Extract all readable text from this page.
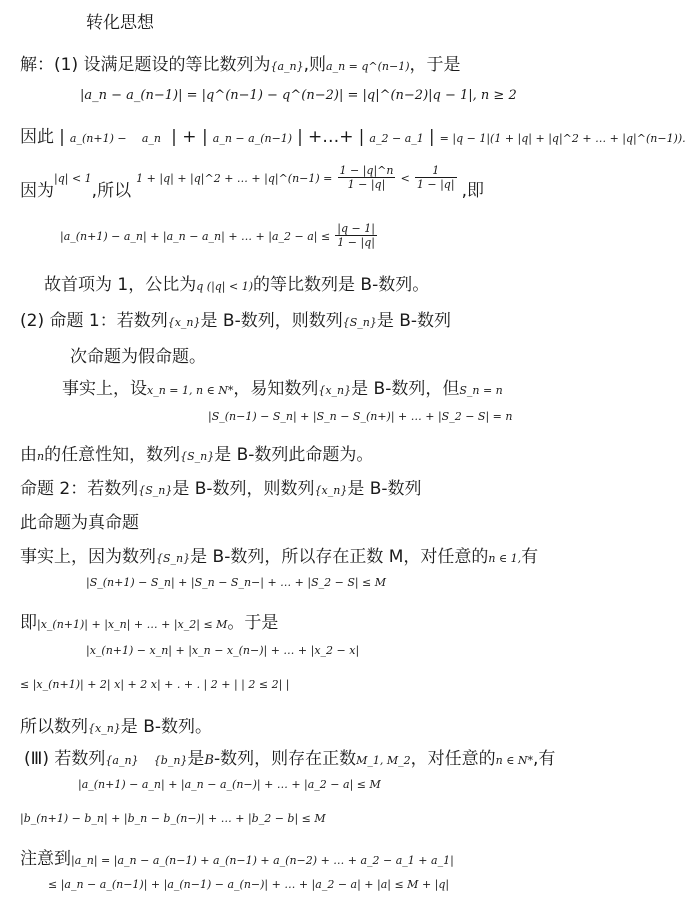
转化思想
解：(1) 设满足题设的等比数列为{a_n},则a_n = q^(n−1)，于是
|a_n − a_(n−1)| = |q^(n−1) − q^(n−2)| = |q|^(n−2)|q − 1|, n ≥ 2
因此 | a_(n+1) − a_n | + | a_n − a_(n−1) | +…+ | a_2 − a_1 | = |q − 1|(1 + |q| + |q|^2 + … + |q|^(n−1)).
因为|q| < 1,所以 1 + |q| + |q|^2 + … + |q|^(n−1) = $\frac{1 - |q|\^{}n}{1 - |q|} < \frac{1}{1 - |q|}$ ,即
|a_(n+1) − a_n| + |a_n − a_n| + … + |a_2 − $a| \le \frac{|q - 1|}{1 - |q|}$
故首项为 1，公比为q (|q| < 1)的等比数列是 B-数列。
(2) 命题 1：若数列{x_n}是 B-数列，则数列{S_n}是 B-数列
次命题为假命题。
事实上，设x_n = 1, n ∈ N*，易知数列{x_n}是 B-数列，但S_n = n
|S_(n−1) − S_n| + |S_n − S_(n+)| + … + |S_2 − S| = n
由n的任意性知，数列{S_n}是 B-数列此命题为。
命题 2：若数列{S_n}是 B-数列，则数列{x_n}是 B-数列
此命题为真命题
事实上，因为数列{S_n}是 B-数列，所以存在正数 M，对任意的n ∈ 1,有
|S_(n+1) − S_n| + |S_n − S_n−| + … + |S_2 − S| ≤ M
即|x_(n+1)| + |x_n| + … + |x_2| ≤ M。于是
|x_(n+1) − x_n| + |x_n − x_(n−)| + … + |x_2 − x|
≤ |x_(n+1)| + 2| x| + 2 x| + . + . | 2 + | | 2 ≤ 2| |
所以数列{x_n}是 B-数列。
(Ⅲ) 若数列{a_n} {b_n}是B-数列，则存在正数M_1, M_2，对任意的n ∈ N*,有
|a_(n+1) − a_n| + |a_n − a_(n−)| + … + |a_2 − a| ≤ M
|b_(n+1) − b_n| + |b_n − b_(n−)| + … + |b_2 − b| ≤ M
注意到|a_n| = |a_n − a_(n−1) + a_(n−1) + a_(n−2) + … + a_2 − a_1 + a_1|
≤ |a_n − a_(n−1)| + |a_(n−1) − a_(n−)| + … + |a_2 − a| + |a| ≤ M + |q|
